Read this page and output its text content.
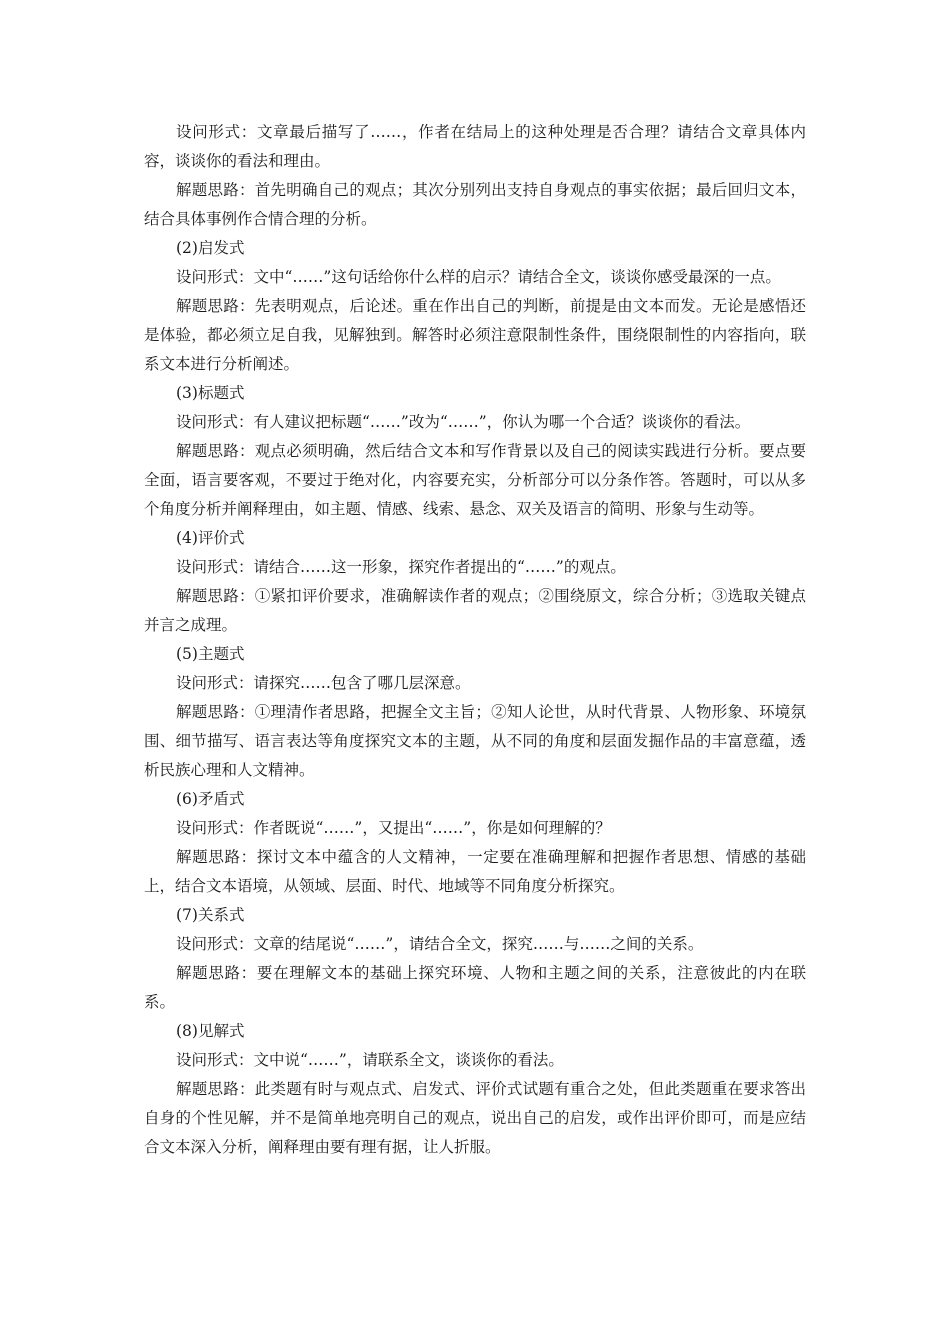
设问形式：文章最后描写了……，作者在结局上的这种处理是否合理？请结合文章具体内容，谈谈你的看法和理由。

解题思路：首先明确自己的观点；其次分别列出支持自身观点的事实依据；最后回归文本，结合具体事例作合情合理的分析。

(2)启发式

设问形式：文中“……”这句话给你什么样的启示？请结合全文，谈谈你感受最深的一点。

解题思路：先表明观点，后论述。重在作出自己的判断，前提是由文本而发。无论是感悟还是体验，都必须立足自我，见解独到。解答时必须注意限制性条件，围绕限制性的内容指向，联系文本进行分析阐述。

(3)标题式

设问形式：有人建议把标题“……”改为“……”，你认为哪一个合适？谈谈你的看法。

解题思路：观点必须明确，然后结合文本和写作背景以及自己的阅读实践进行分析。要点要全面，语言要客观，不要过于绝对化，内容要充实，分析部分可以分条作答。答题时，可以从多个角度分析并阐释理由，如主题、情感、线索、悬念、双关及语言的简明、形象与生动等。

(4)评价式

设问形式：请结合……这一形象，探究作者提出的“……”的观点。

解题思路：①紧扣评价要求，准确解读作者的观点；②围绕原文，综合分析；③选取关键点并言之成理。

(5)主题式

设问形式：请探究……包含了哪几层深意。

解题思路：①理清作者思路，把握全文主旨；②知人论世，从时代背景、人物形象、环境氛围、细节描写、语言表达等角度探究文本的主题，从不同的角度和层面发掘作品的丰富意蕴，透析民族心理和人文精神。

(6)矛盾式

设问形式：作者既说“……”，又提出“……”，你是如何理解的？

解题思路：探讨文本中蕴含的人文精神，一定要在准确理解和把握作者思想、情感的基础上，结合文本语境，从领域、层面、时代、地域等不同角度分析探究。

(7)关系式

设问形式：文章的结尾说“……”，请结合全文，探究……与……之间的关系。

解题思路：要在理解文本的基础上探究环境、人物和主题之间的关系，注意彼此的内在联系。

(8)见解式

设问形式：文中说“……”，请联系全文，谈谈你的看法。

解题思路：此类题有时与观点式、启发式、评价式试题有重合之处，但此类题重在要求答出自身的个性见解，并不是简单地亮明自己的观点，说出自己的启发，或作出评价即可，而是应结合文本深入分析，阐释理由要有理有据，让人折服。
